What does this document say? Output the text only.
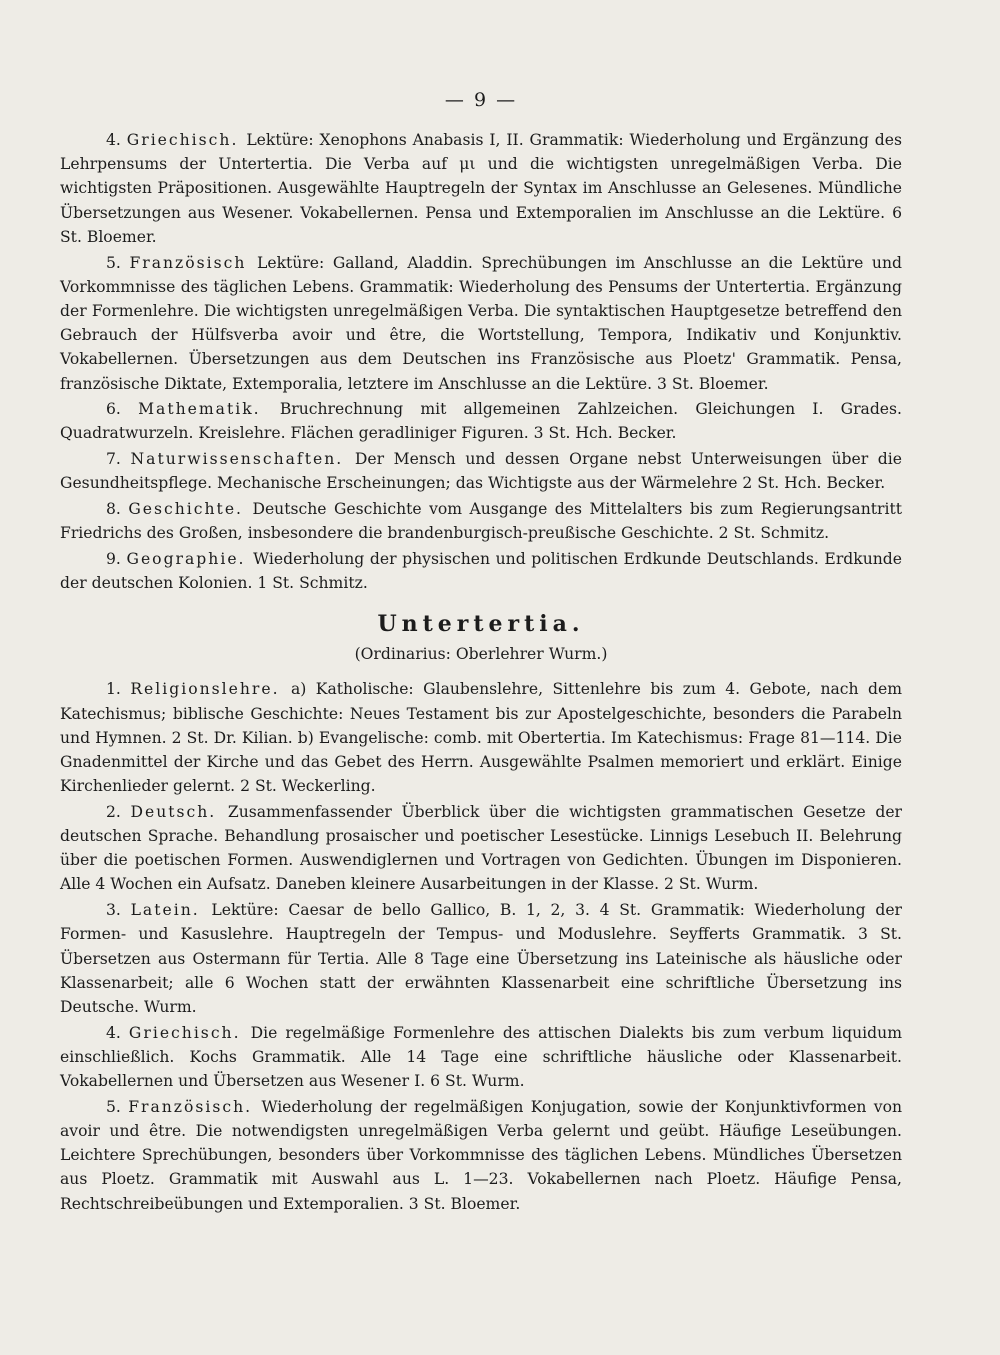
— 9 —

4. Griechisch. Lektüre: Xenophons Anabasis I, II. Grammatik: Wiederholung und Ergänzung des Lehrpensums der Untertertia. Die Verba auf μι und die wichtigsten unregelmäßigen Verba. Die wichtigsten Präpositionen. Ausgewählte Hauptregeln der Syntax im Anschlusse an Gelesenes. Mündliche Übersetzungen aus Wesener. Vokabellernen. Pensa und Extemporalien im Anschlusse an die Lektüre. 6 St. Bloemer.

5. Französisch Lektüre: Galland, Aladdin. Sprechübungen im Anschlusse an die Lektüre und Vorkommnisse des täglichen Lebens. Grammatik: Wiederholung des Pensums der Untertertia. Ergänzung der Formenlehre. Die wichtigsten unregelmäßigen Verba. Die syntaktischen Hauptgesetze betreffend den Gebrauch der Hülfsverba avoir und être, die Wortstellung, Tempora, Indikativ und Konjunktiv. Vokabellernen. Übersetzungen aus dem Deutschen ins Französische aus Ploetz' Grammatik. Pensa, französische Diktate, Extemporalia, letztere im Anschlusse an die Lektüre. 3 St. Bloemer.

6. Mathematik. Bruchrechnung mit allgemeinen Zahlzeichen. Gleichungen I. Grades. Quadratwurzeln. Kreislehre. Flächen geradliniger Figuren. 3 St. Hch. Becker.

7. Naturwissenschaften. Der Mensch und dessen Organe nebst Unterweisungen über die Gesundheitspflege. Mechanische Erscheinungen; das Wichtigste aus der Wärmelehre 2 St. Hch. Becker.

8. Geschichte. Deutsche Geschichte vom Ausgange des Mittelalters bis zum Regierungsantritt Friedrichs des Großen, insbesondere die brandenburgisch-preußische Geschichte. 2 St. Schmitz.

9. Geographie. Wiederholung der physischen und politischen Erdkunde Deutschlands. Erdkunde der deutschen Kolonien. 1 St. Schmitz.

Untertertia.
(Ordinarius: Oberlehrer Wurm.)

1. Religionslehre. a) Katholische: Glaubenslehre, Sittenlehre bis zum 4. Gebote, nach dem Katechismus; biblische Geschichte: Neues Testament bis zur Apostelgeschichte, besonders die Parabeln und Hymnen. 2 St. Dr. Kilian. b) Evangelische: comb. mit Obertertia. Im Katechismus: Frage 81—114. Die Gnadenmittel der Kirche und das Gebet des Herrn. Ausgewählte Psalmen memoriert und erklärt. Einige Kirchenlieder gelernt. 2 St. Weckerling.

2. Deutsch. Zusammenfassender Überblick über die wichtigsten grammatischen Gesetze der deutschen Sprache. Behandlung prosaischer und poetischer Lesestücke. Linnigs Lesebuch II. Belehrung über die poetischen Formen. Auswendiglernen und Vortragen von Gedichten. Übungen im Disponieren. Alle 4 Wochen ein Aufsatz. Daneben kleinere Ausarbeitungen in der Klasse. 2 St. Wurm.

3. Latein. Lektüre: Caesar de bello Gallico, B. 1, 2, 3. 4 St. Grammatik: Wiederholung der Formen- und Kasuslehre. Hauptregeln der Tempus- und Moduslehre. Seyfferts Grammatik. 3 St. Übersetzen aus Ostermann für Tertia. Alle 8 Tage eine Übersetzung ins Lateinische als häusliche oder Klassenarbeit; alle 6 Wochen statt der erwähnten Klassenarbeit eine schriftliche Übersetzung ins Deutsche. Wurm.

4. Griechisch. Die regelmäßige Formenlehre des attischen Dialekts bis zum verbum liquidum einschließlich. Kochs Grammatik. Alle 14 Tage eine schriftliche häusliche oder Klassenarbeit. Vokabellernen und Übersetzen aus Wesener I. 6 St. Wurm.

5. Französisch. Wiederholung der regelmäßigen Konjugation, sowie der Konjunktivformen von avoir und être. Die notwendigsten unregelmäßigen Verba gelernt und geübt. Häufige Leseübungen. Leichtere Sprechübungen, besonders über Vorkommnisse des täglichen Lebens. Mündliches Übersetzen aus Ploetz. Grammatik mit Auswahl aus L. 1—23. Vokabellernen nach Ploetz. Häufige Pensa, Rechtschreibeübungen und Extemporalien. 3 St. Bloemer.
